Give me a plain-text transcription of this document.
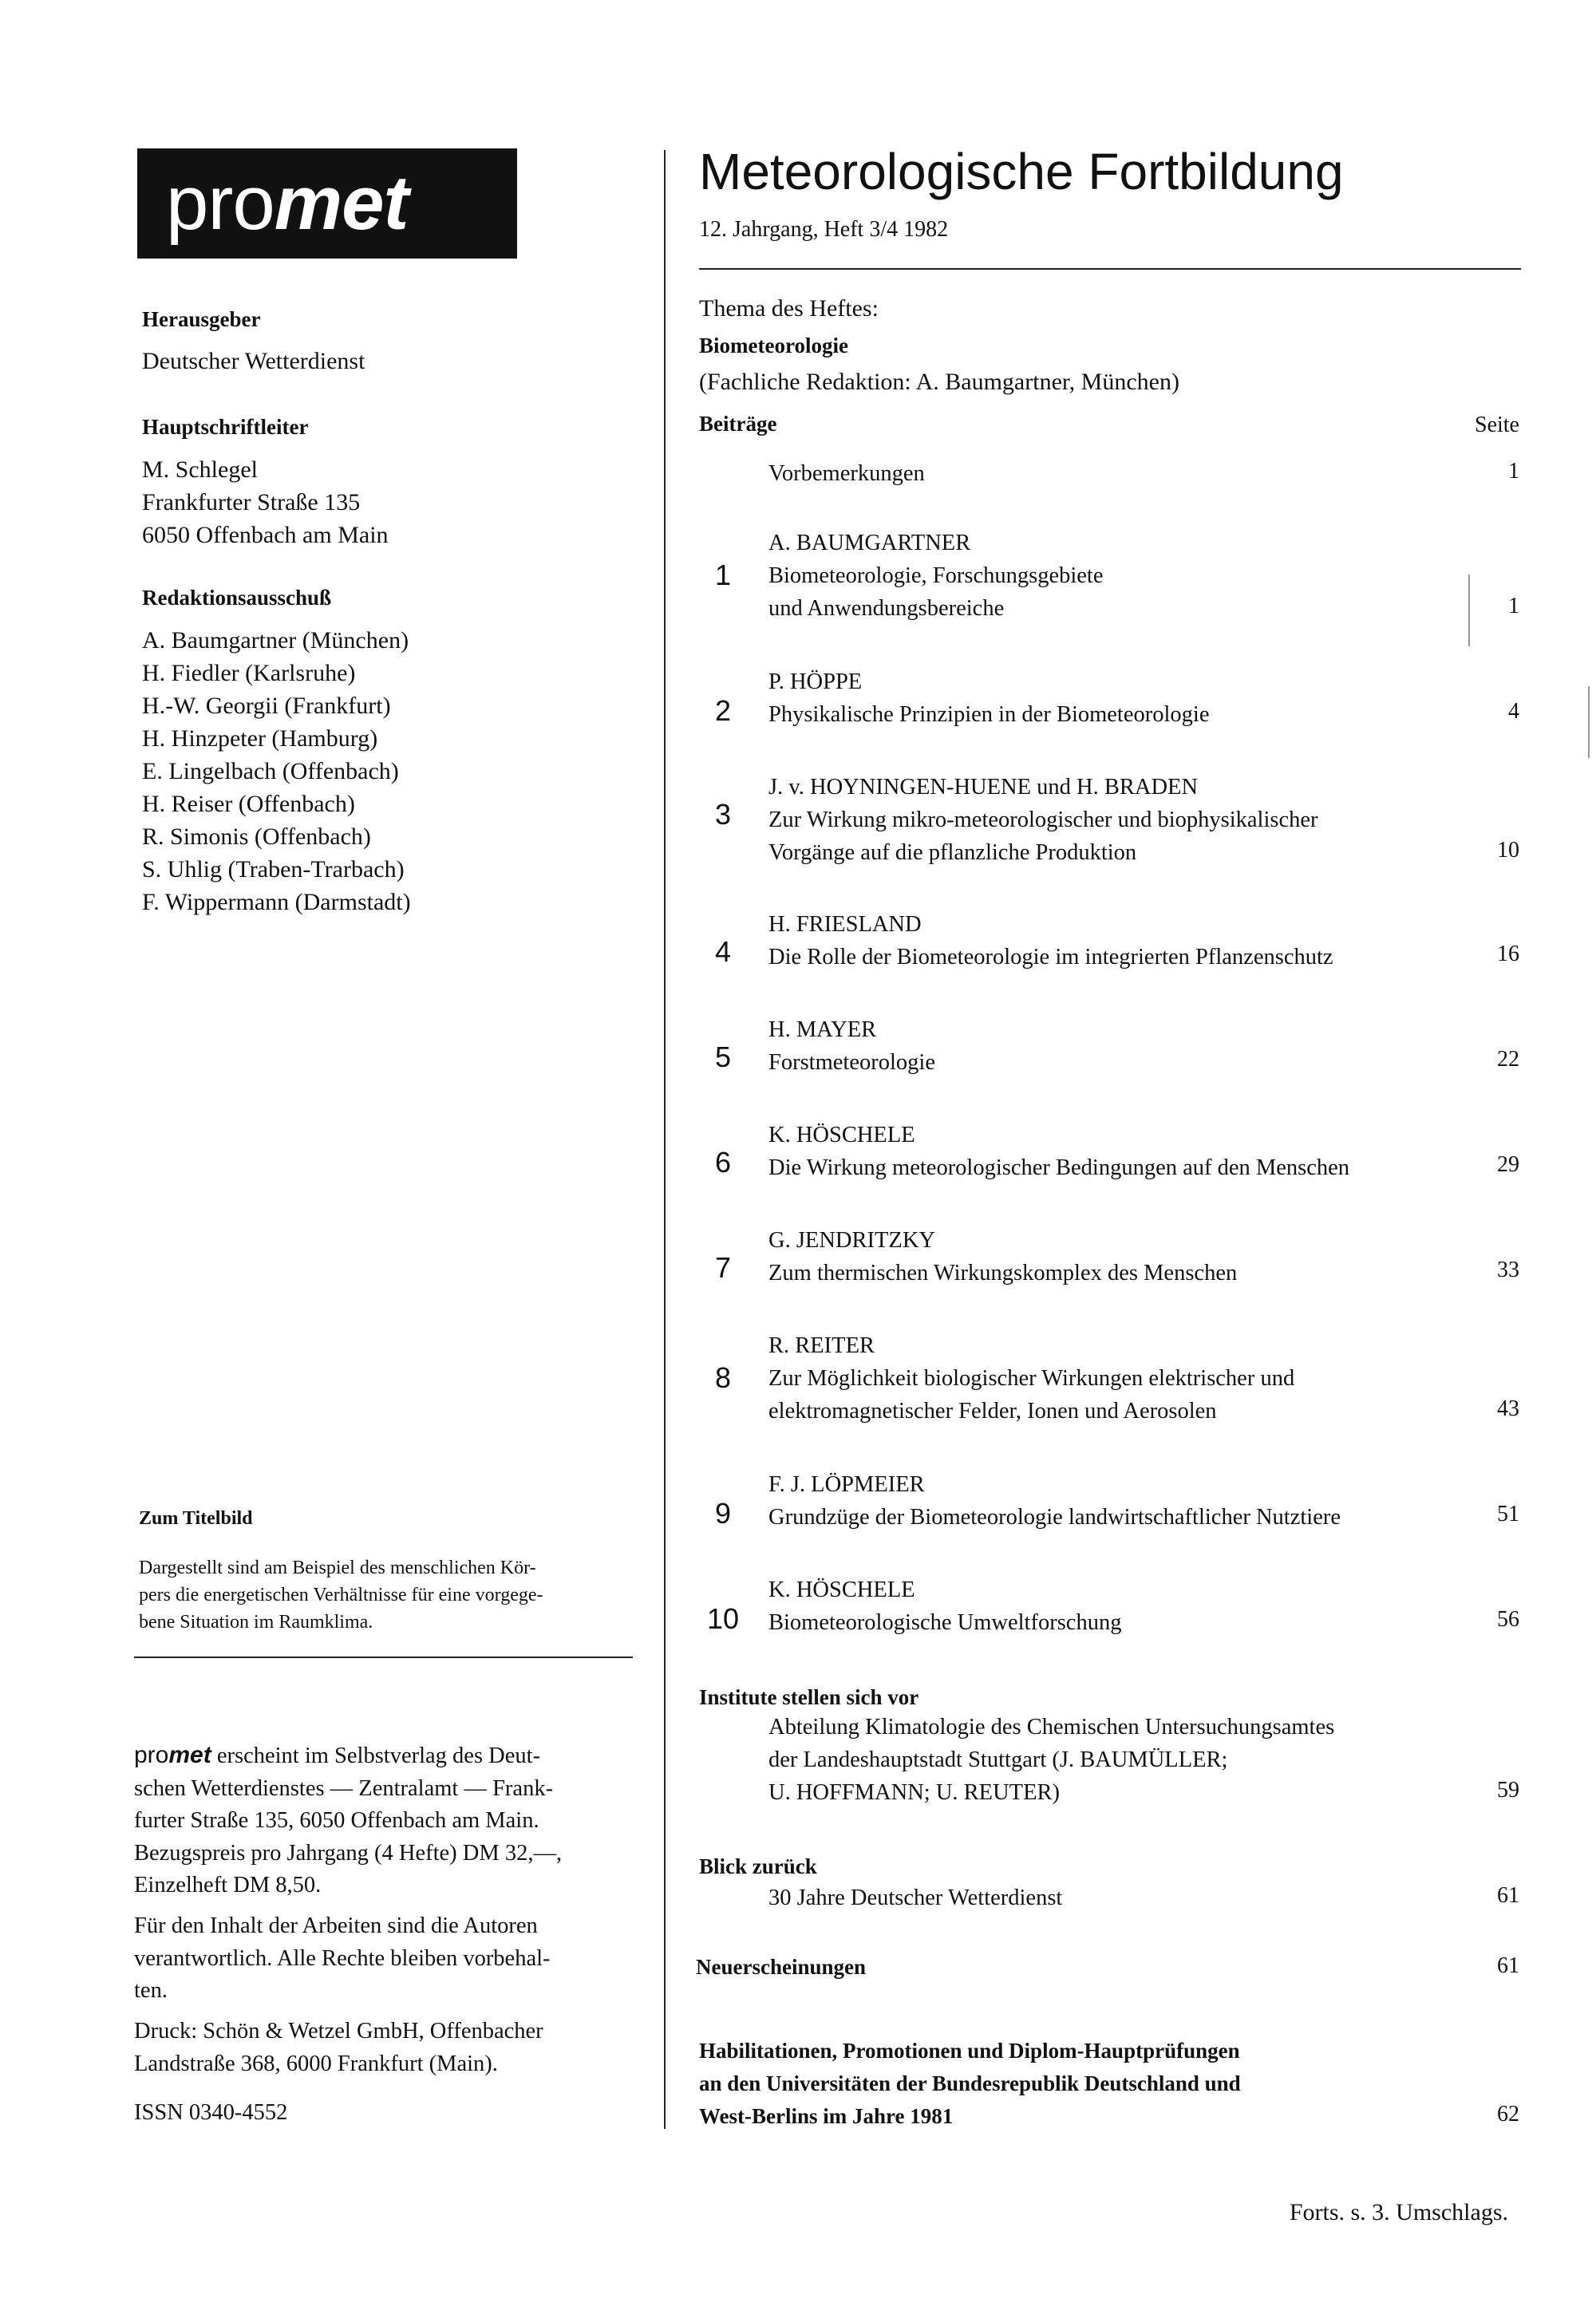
pro met	Meteorologische Fortbildung
12. Jahrgang, Heft 3/4 1982
Herausgeber
Deutscher Wetterdienst
Hauptschriftleiter
M. Schlegel
Frankfurter Straße 135
6050 Offenbach am Main
Redaktionsausschuß
A. Baumgartner (München)
H. Fiedler (Karlsruhe)
H.-W. Georgii (Frankfurt)
H. Hinzpeter (Hamburg)
E. Lingelbach (Offenbach)
H. Reiser (Offenbach)
R. Simonis (Offenbach)
S. Uhlig (Traben-Trarbach)
F. Wippermann (Darmstadt)
Zum Titelbild
Dargestellt sind am Beispiel des menschlichen Kör-
pers die energetischen Verhältnisse für eine vorgege-
bene Situation im Raumklima.
promet erscheint im Selbstverlag des Deut-
schen Wetterdienstes — Zentralamt — Frank-
furter Straße 135, 6050 Offenbach am Main.
Bezugspreis pro Jahrgang (4 Hefte) DM 32,—,
Einzelheft DM 8,50.
Für den Inhalt der Arbeiten sind die Autoren
verantwortlich. Alle Rechte bleiben vorbehal-
ten.
Druck: Schön & Wetzel GmbH, Offenbacher
Landstraße 368, 6000 Frankfurt (Main).
ISSN 0340-4552
Thema des Heftes:
Biometeorologie
(Fachliche Redaktion: A. Baumgartner, München)
Beiträge	Seite
Vorbemerkungen	1
1
A. BAUMGARTNER
Biometeorologie, Forschungsgebiete
und Anwendungsbereiche	1
2
P. HÖPPE
Physikalische Prinzipien in der Biometeorologie	4
3
J. v. HOYNINGEN-HUENE und H. BRADEN
Zur Wirkung mikro-meteorologischer und biophysikalischer
Vorgänge auf die pflanzliche Produktion	10
4
H. FRIESLAND
Die Rolle der Biometeorologie im integrierten Pflanzenschutz	16
5
H. MAYER
Forstmeteorologie	22
6
K. HÖSCHELE
Die Wirkung meteorologischer Bedingungen auf den Menschen	29
7
G. JENDRITZKY
Zum thermischen Wirkungskomplex des Menschen	33
8
R. REITER
Zur Möglichkeit biologischer Wirkungen elektrischer und
elektromagnetischer Felder, Ionen und Aerosolen	43
9
F. J. LÖPMEIER
Grundzüge der Biometeorologie landwirtschaftlicher Nutztiere	51
10
K. HÖSCHELE
Biometeorologische Umweltforschung	56
Institute stellen sich vor
Abteilung Klimatologie des Chemischen Untersuchungsamtes
der Landeshauptstadt Stuttgart (J. BAUMÜLLER;
U. HOFFMANN; U. REUTER)	59
Blick zurück
30 Jahre Deutscher Wetterdienst	61
Neuerscheinungen	61
Habilitationen, Promotionen und Diplom-Hauptprüfungen
an den Universitäten der Bundesrepublik Deutschland und
West-Berlins im Jahre 1981	62
Forts. s. 3. Umschlags.
